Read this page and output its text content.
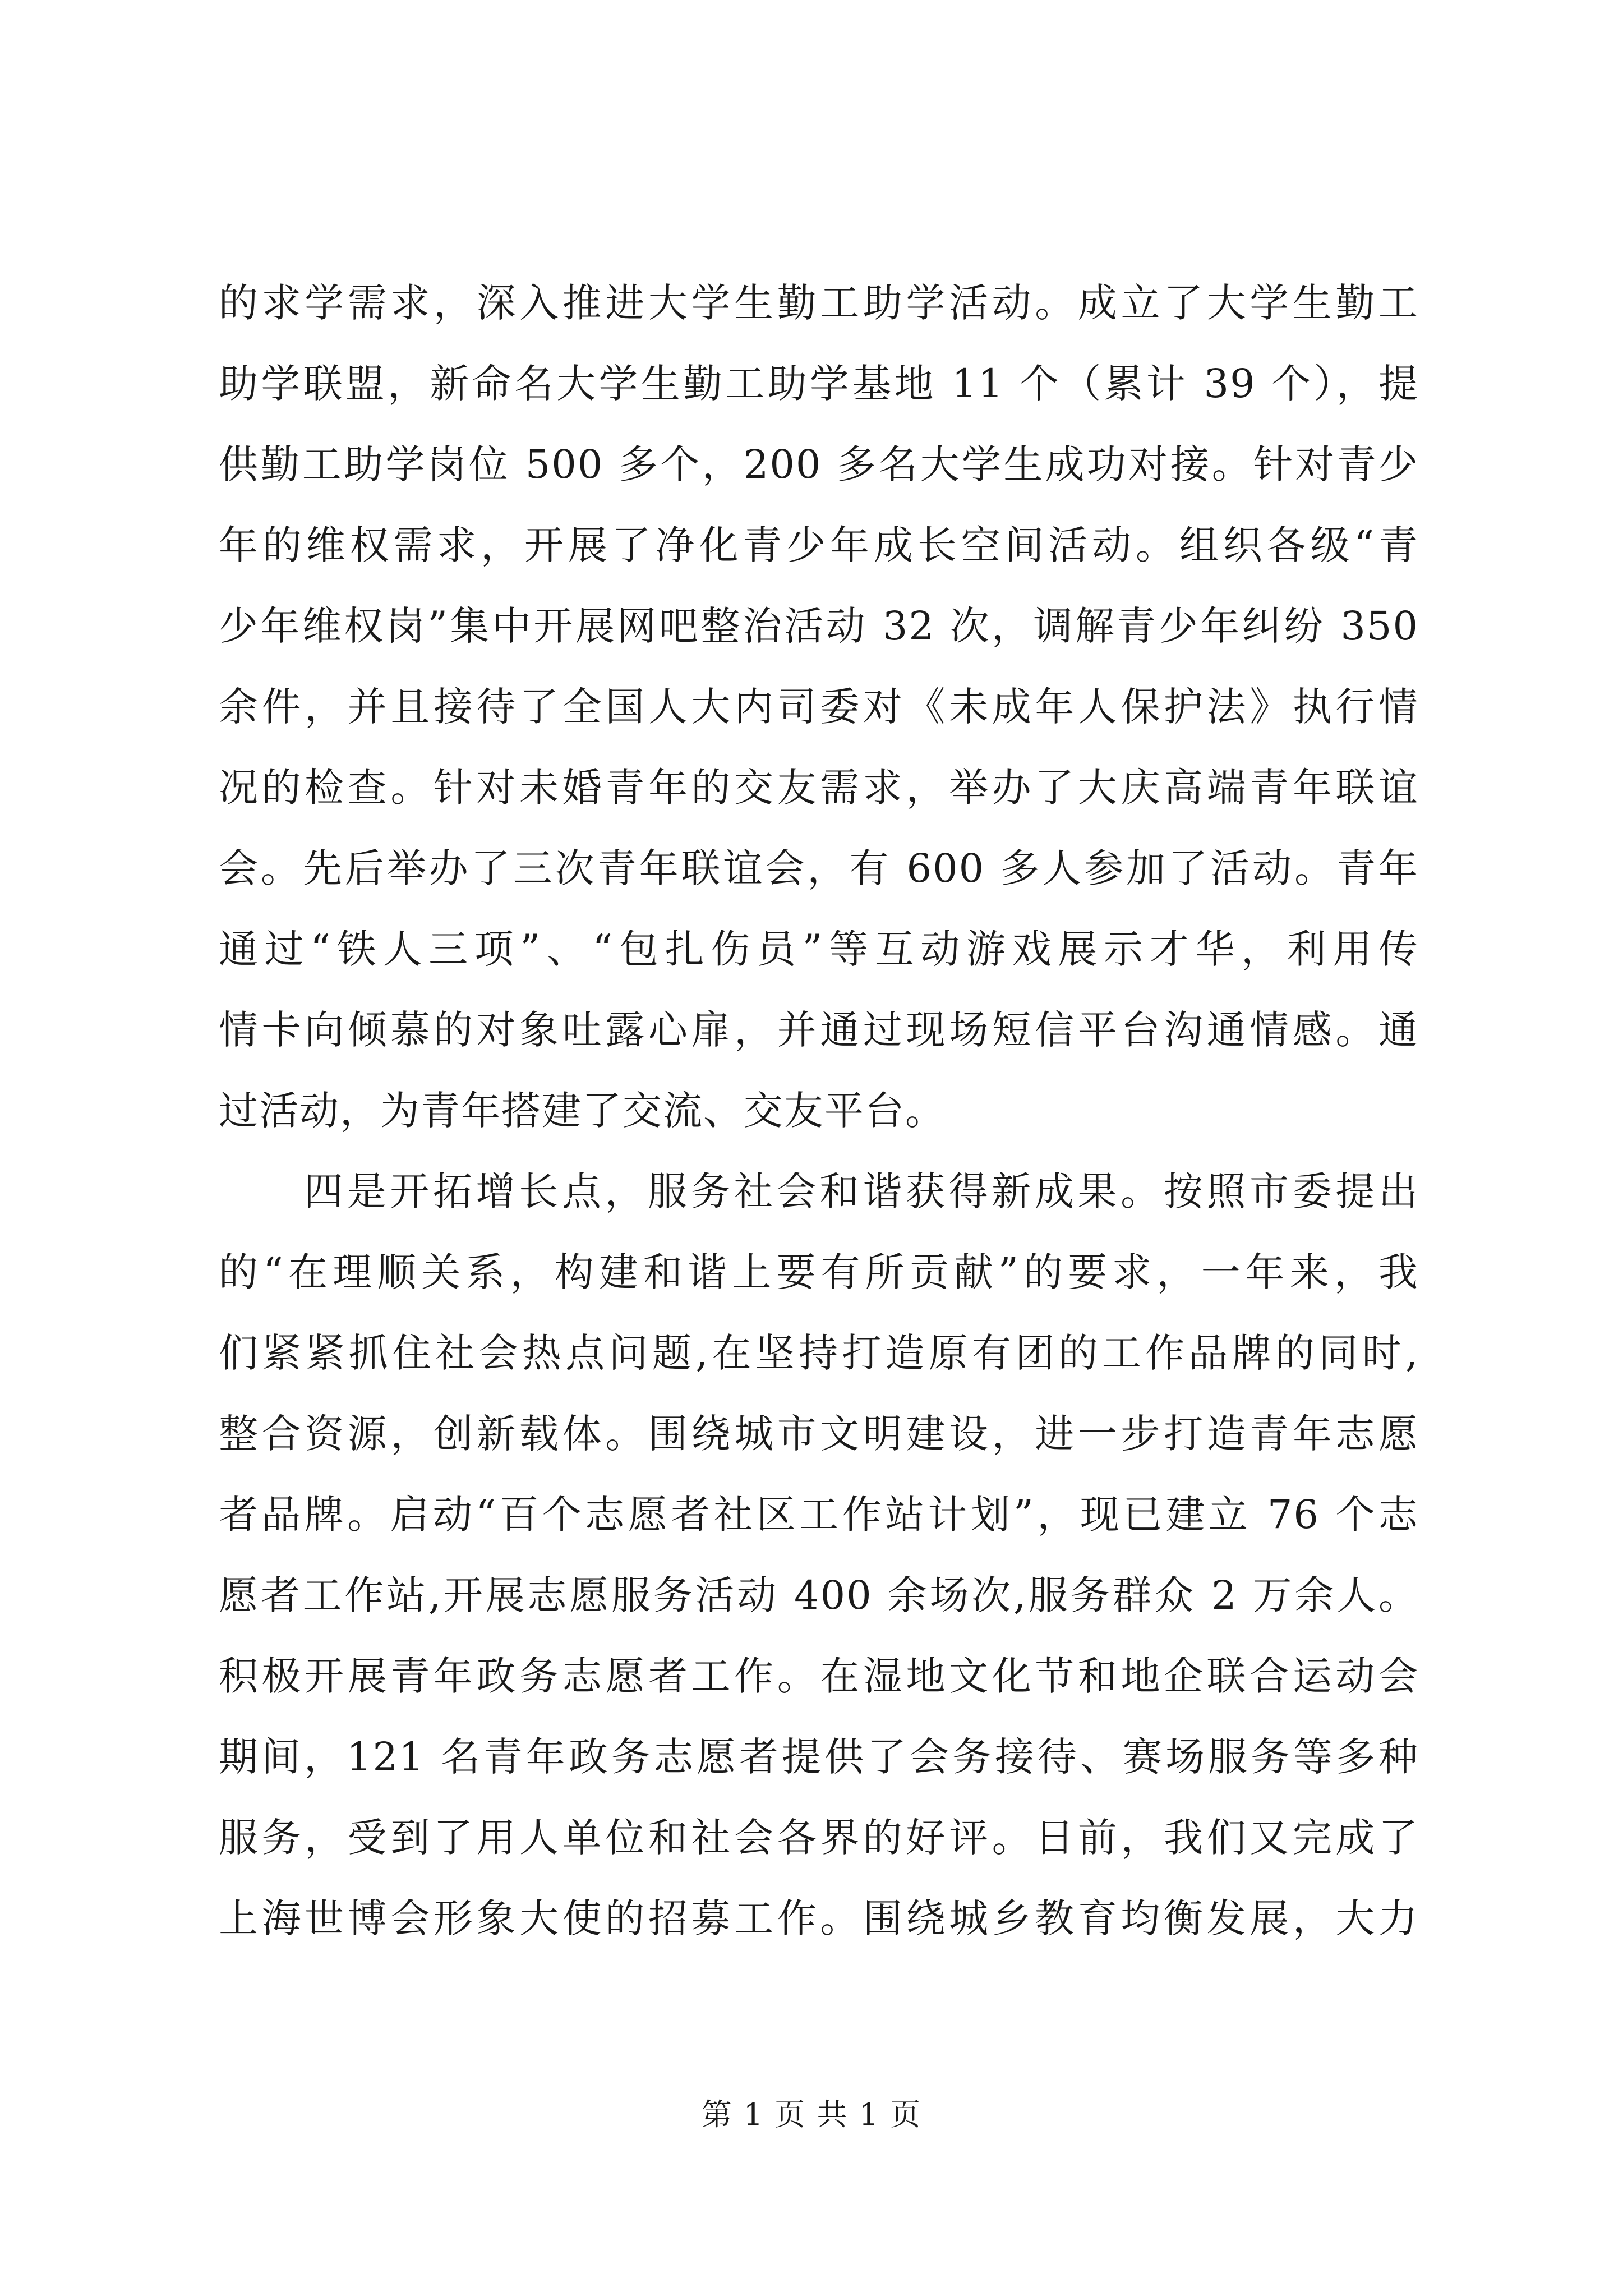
的求学需求，深入推进大学生勤工助学活动。成立了大学生勤工
助学联盟，新命名大学生勤工助学基地 11 个（累计 39 个），提
供勤工助学岗位 500 多个，200 多名大学生成功对接。针对青少
年的维权需求，开展了净化青少年成长空间活动。组织各级“青
少年维权岗”集中开展网吧整治活动 32 次，调解青少年纠纷 350
余件，并且接待了全国人大内司委对《未成年人保护法》执行情
况的检查。针对未婚青年的交友需求，举办了大庆高端青年联谊
会。先后举办了三次青年联谊会，有 600 多人参加了活动。青年
通过“铁人三项”、“包扎伤员”等互动游戏展示才华，利用传
情卡向倾慕的对象吐露心扉，并通过现场短信平台沟通情感。通
过活动，为青年搭建了交流、交友平台。
四是开拓增长点，服务社会和谐获得新成果。按照市委提出
的“在理顺关系，构建和谐上要有所贡献”的要求，一年来，我
们紧紧抓住社会热点问题,在坚持打造原有团的工作品牌的同时,
整合资源，创新载体。围绕城市文明建设，进一步打造青年志愿
者品牌。启动“百个志愿者社区工作站计划”，现已建立 76 个志
愿者工作站,开展志愿服务活动 400 余场次,服务群众 2 万余人。
积极开展青年政务志愿者工作。在湿地文化节和地企联合运动会
期间，121 名青年政务志愿者提供了会务接待、赛场服务等多种
服务，受到了用人单位和社会各界的好评。日前，我们又完成了
上海世博会形象大使的招募工作。围绕城乡教育均衡发展，大力
第 1 页 共 1 页
